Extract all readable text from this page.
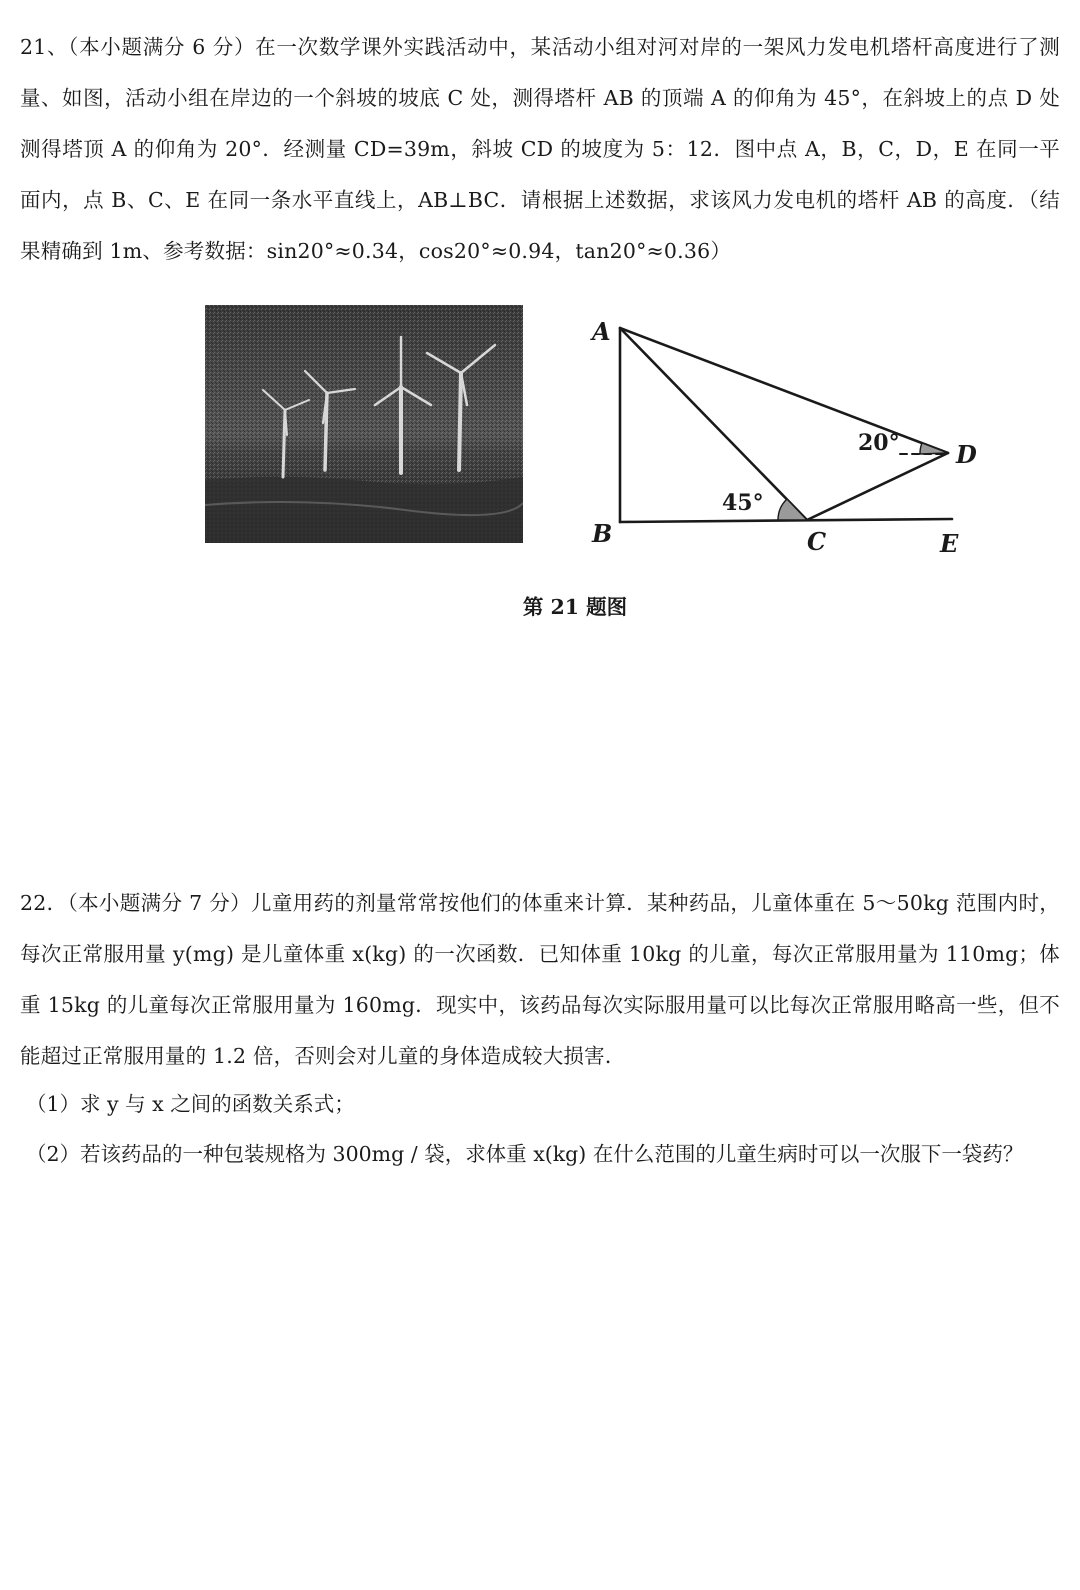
21、（本小题满分 6 分）在一次数学课外实践活动中，某活动小组对河对岸的一架风力发电机塔杆高度进行了测量、如图，活动小组在岸边的一个斜坡的坡底 C 处，测得塔杆 AB 的顶端 A 的仰角为 45°，在斜坡上的点 D 处测得塔顶 A 的仰角为 20°．经测量 CD=39m，斜坡 CD 的坡度为 5：12．图中点 A，B，C，D，E 在同一平面内，点 B、C、E 在同一条水平直线上，AB⊥BC．请根据上述数据，求该风力发电机的塔杆 AB 的高度．（结果精确到 1m、参考数据：sin20°≈0.34，cos20°≈0.94，tan20°≈0.36）
A
B	C
D
E
45°
20°
第 21 题图
22．（本小题满分 7 分）儿童用药的剂量常常按他们的体重来计算．某种药品，儿童体重在 5～50kg 范围内时，每次正常服用量 y(mg) 是儿童体重 x(kg) 的一次函数．已知体重 10kg 的儿童，每次正常服用量为 110mg；体重 15kg 的儿童每次正常服用量为 160mg．现实中，该药品每次实际服用量可以比每次正常服用略高一些，但不能超过正常服用量的 1.2 倍，否则会对儿童的身体造成较大损害．
（1）求 y 与 x 之间的函数关系式；
（2）若该药品的一种包装规格为 300mg / 袋，求体重 x(kg) 在什么范围的儿童生病时可以一次服下一袋药？
